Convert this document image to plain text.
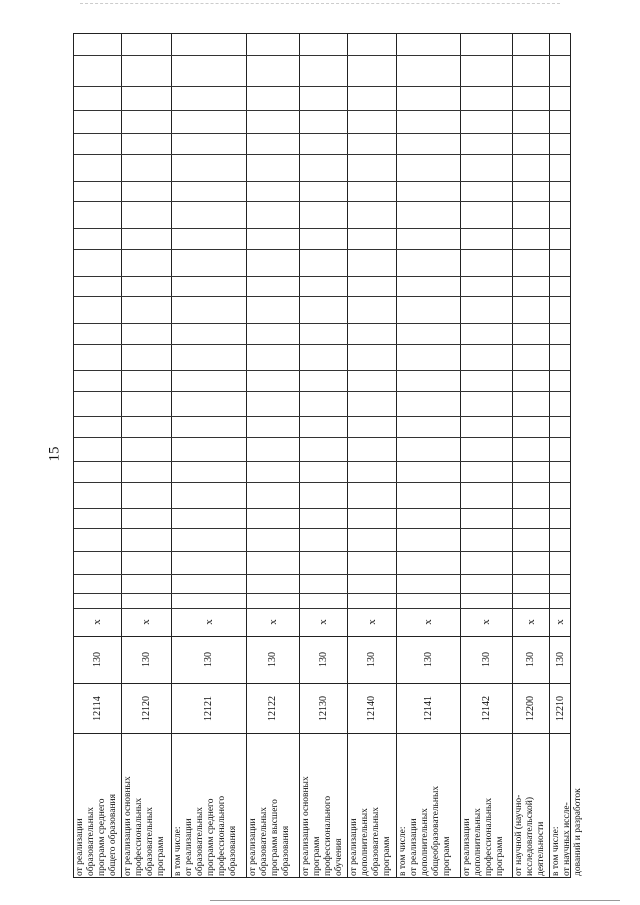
15
от реализации
образовательных
программ среднего
общего образования
12114
130
x
от реализации основных
профессиональных
образовательных
программ
12120
130
x
в том числе:
от реализации
образовательных
программ среднего
профессионального
образования
12121
130
x
от реализации
образовательных
программ высшего
образования
12122
130
x
от реализации основных
программ
профессионального
обучения
12130
130
x
от реализации
дополнительных
образовательных
программ
12140
130
x
в том числе:
от реализации
дополнительных
общеобразовательных
программ
12141
130
x
от реализации
дополнительных
профессиональных
программ
12142
130
x
от научной (научно-
исследовательской)
деятельности
12200
130
x
в том числе:
от научных иссле-
дований и разработок
12210
130
x
